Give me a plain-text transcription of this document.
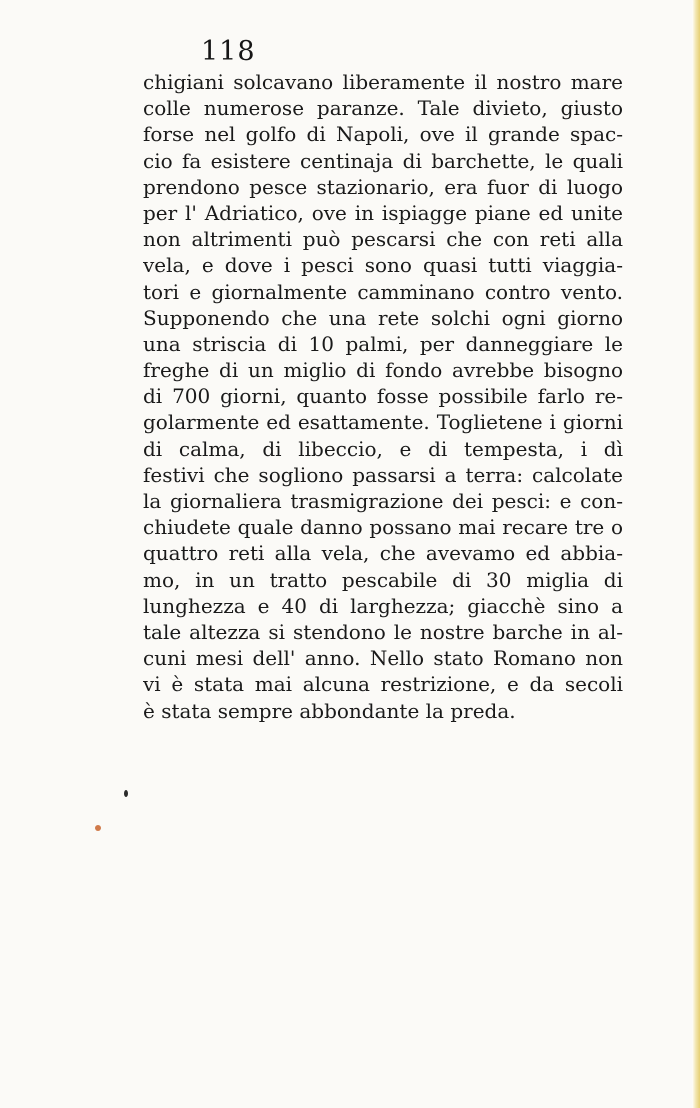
118
chigiani solcavano liberamente il nostro mare
colle numerose paranze. Tale divieto, giusto
forse nel golfo di Napoli, ove il grande spac-
cio fa esistere centinaja di barchette, le quali
prendono pesce stazionario, era fuor di luogo
per l' Adriatico, ove in ispiagge piane ed unite
non altrimenti può pescarsi che con reti alla
vela, e dove i pesci sono quasi tutti viaggia-
tori e giornalmente camminano contro vento.
Supponendo che una rete solchi ogni giorno
una striscia di 10 palmi, per danneggiare le
freghe di un miglio di fondo avrebbe bisogno
di 700 giorni, quanto fosse possibile farlo re-
golarmente ed esattamente. Toglietene i giorni
di calma, di libeccio, e di tempesta, i dì
festivi che sogliono passarsi a terra: calcolate
la giornaliera trasmigrazione dei pesci: e con-
chiudete quale danno possano mai recare tre o
quattro reti alla vela, che avevamo ed abbia-
mo, in un tratto pescabile di 30 miglia di
lunghezza e 40 di larghezza; giacchè sino a
tale altezza si stendono le nostre barche in al-
cuni mesi dell' anno. Nello stato Romano non
vi è stata mai alcuna restrizione, e da secoli
è stata sempre abbondante la preda.
